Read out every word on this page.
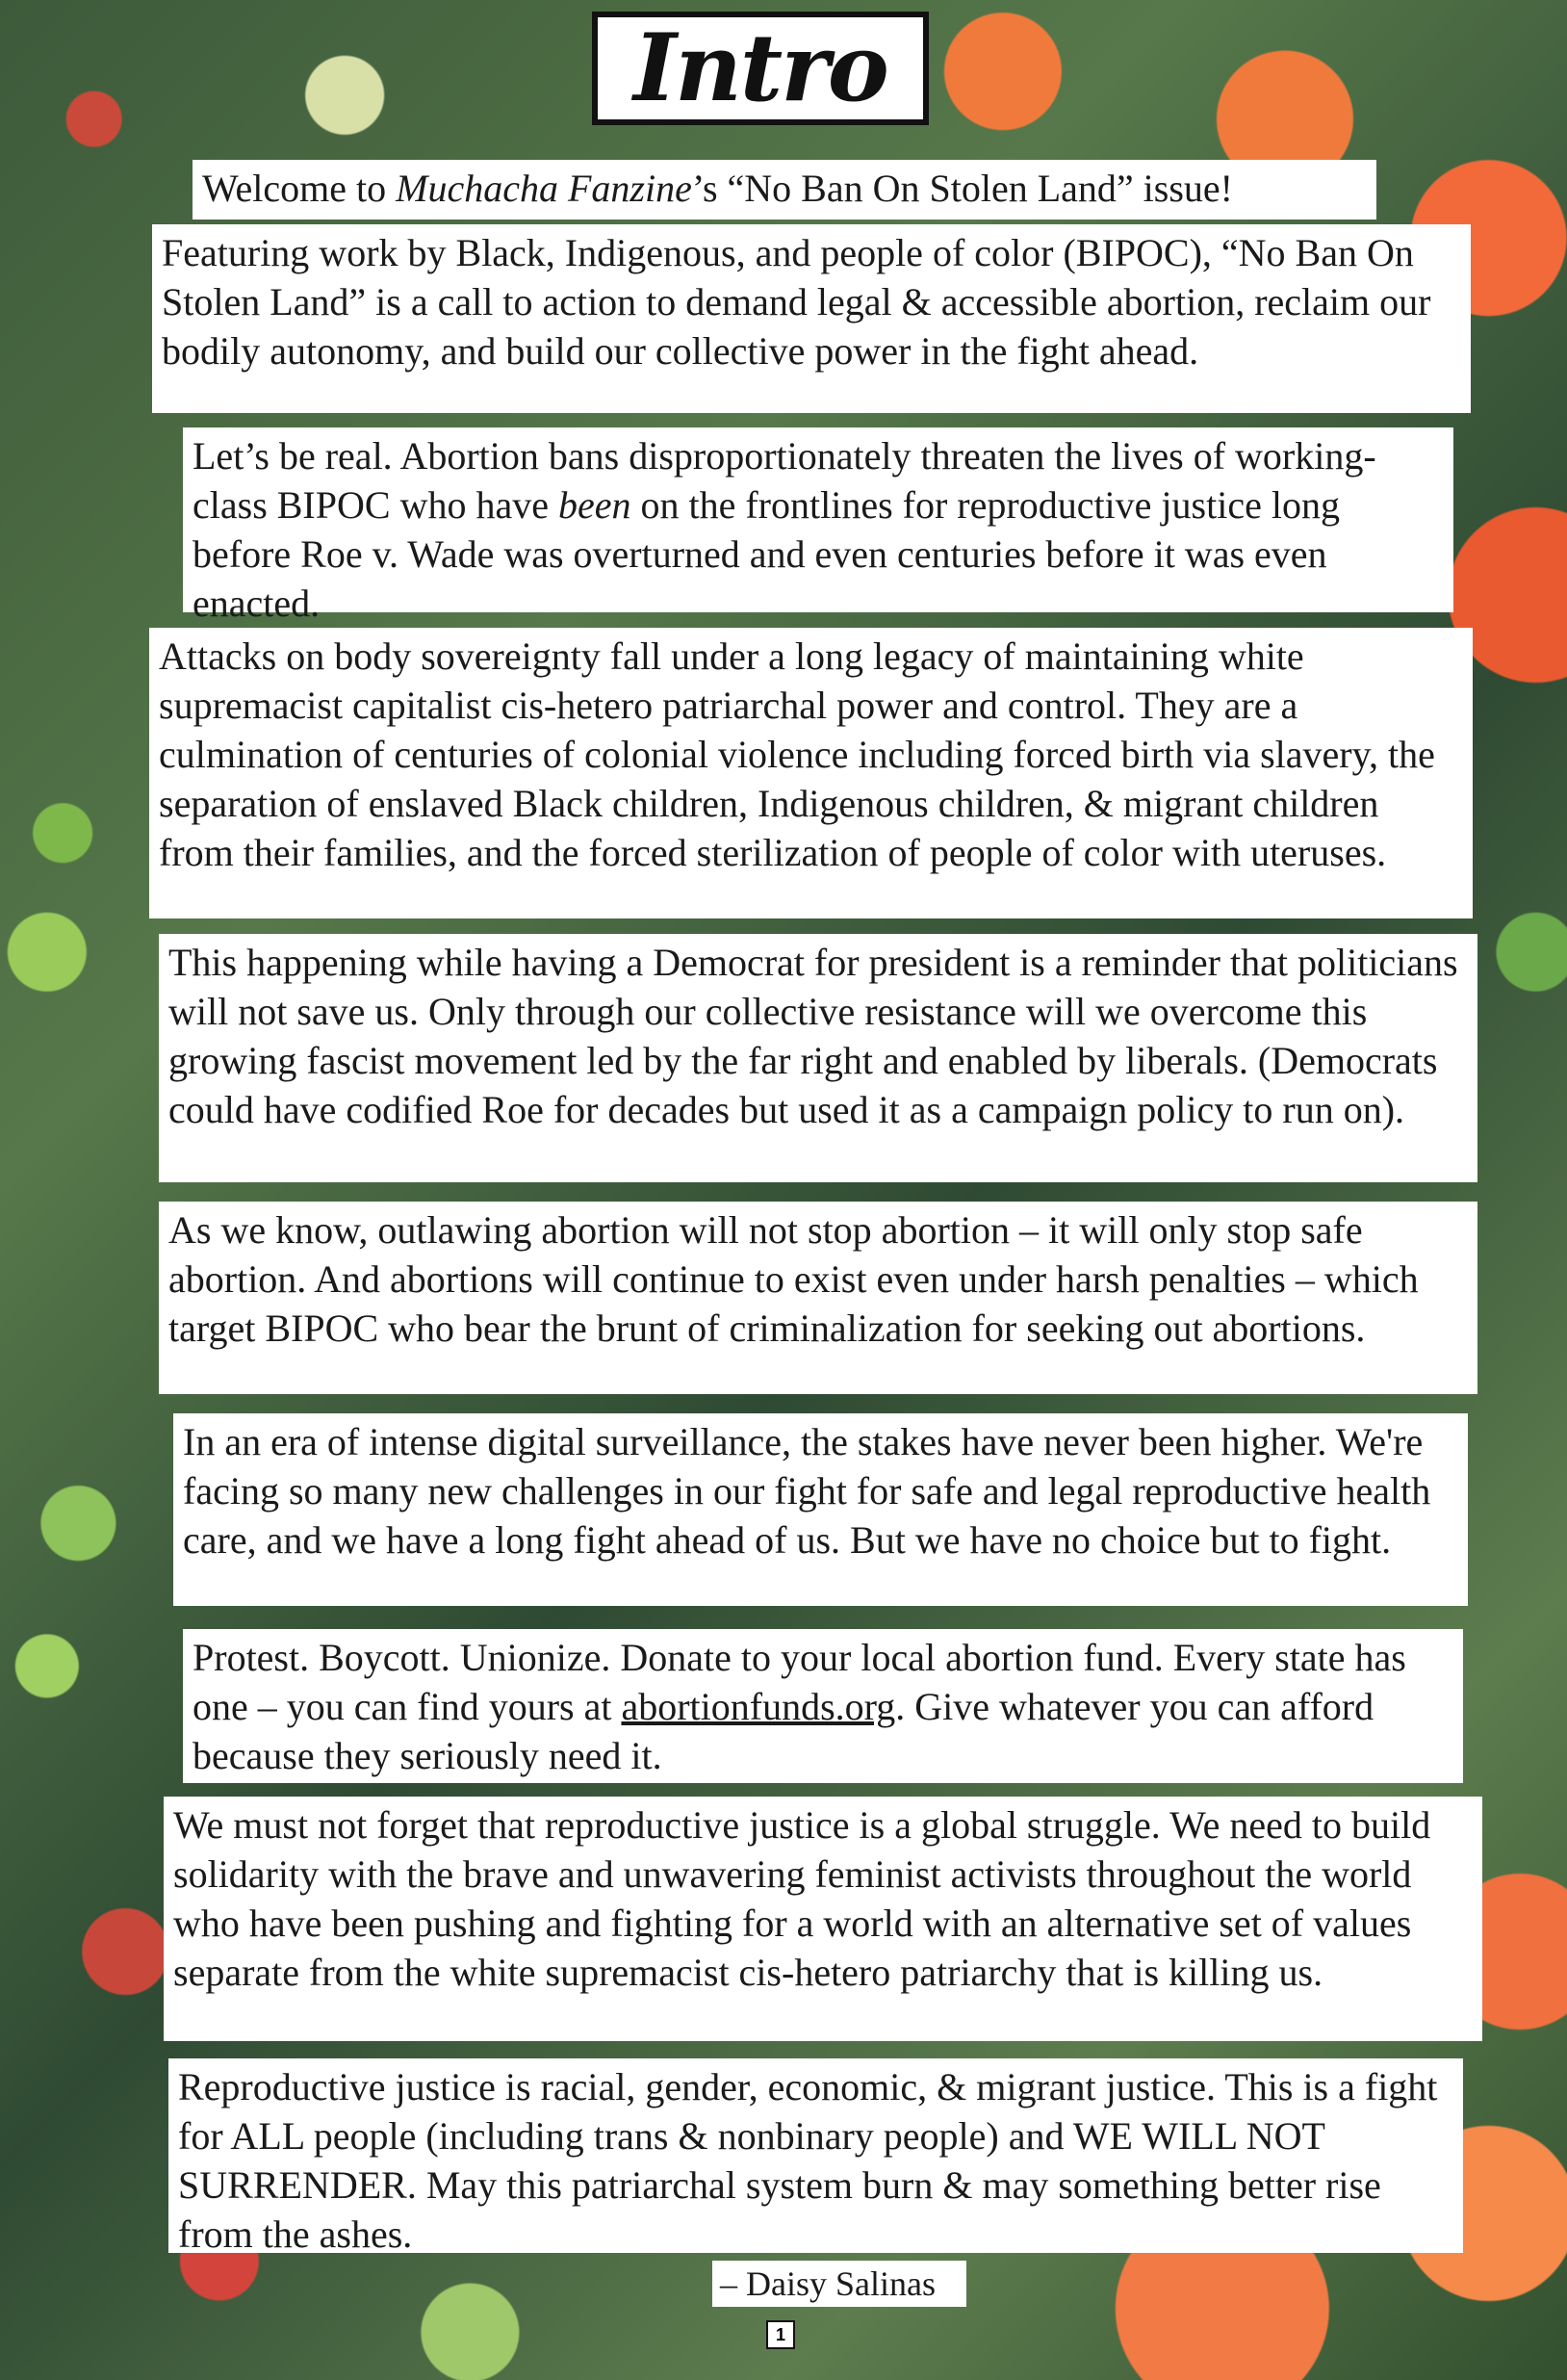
Intro

Welcome to Muchacha Fanzine’s “No Ban On Stolen Land” issue!

Featuring work by Black, Indigenous, and people of color (BIPOC), “No Ban On Stolen Land” is a call to action to demand legal & accessible abortion, reclaim our bodily autonomy, and build our collective power in the fight ahead.

Let’s be real. Abortion bans disproportionately threaten the lives of working-class BIPOC who have been on the frontlines for reproductive justice long before Roe v. Wade was overturned and even centuries before it was even enacted.

Attacks on body sovereignty fall under a long legacy of maintaining white supremacist capitalist cis-hetero patriarchal power and control. They are a culmination of centuries of colonial violence including forced birth via slavery, the separation of enslaved Black children, Indigenous children, & migrant children from their families, and the forced sterilization of people of color with uteruses.

This happening while having a Democrat for president is a reminder that politicians will not save us. Only through our collective resistance will we overcome this growing fascist movement led by the far right and enabled by liberals. (Democrats could have codified Roe for decades but used it as a campaign policy to run on).

As we know, outlawing abortion will not stop abortion – it will only stop safe abortion. And abortions will continue to exist even under harsh penalties – which target BIPOC who bear the brunt of criminalization for seeking out abortions.

In an era of intense digital surveillance, the stakes have never been higher. We're facing so many new challenges in our fight for safe and legal reproductive health care, and we have a long fight ahead of us. But we have no choice but to fight.

Protest. Boycott. Unionize. Donate to your local abortion fund. Every state has one – you can find yours at abortionfunds.org. Give whatever you can afford because they seriously need it.

We must not forget that reproductive justice is a global struggle. We need to build solidarity with the brave and unwavering feminist activists throughout the world who have been pushing and fighting for a world with an alternative set of values separate from the white supremacist cis-hetero patriarchy that is killing us.

Reproductive justice is racial, gender, economic, & migrant justice. This is a fight for ALL people (including trans & nonbinary people) and WE WILL NOT SURRENDER. May this patriarchal system burn & may something better rise from the ashes.

– Daisy Salinas
1
